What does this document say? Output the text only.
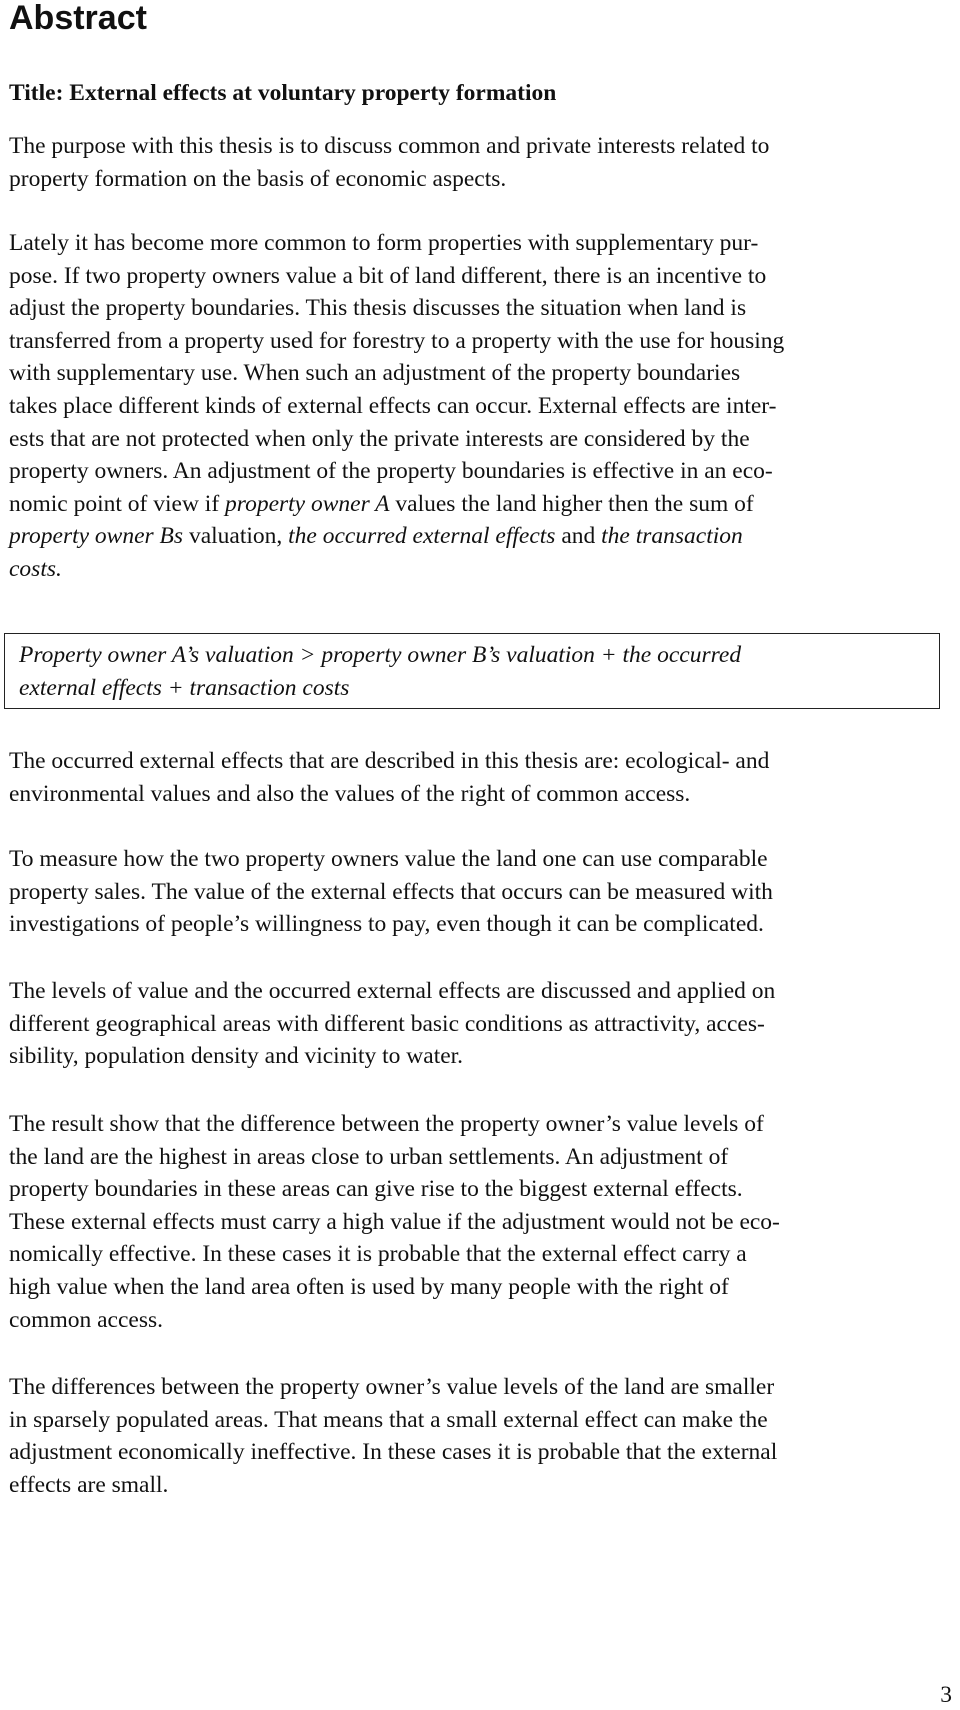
Abstract

Title: External effects at voluntary property formation

The purpose with this thesis is to discuss common and private interests related to
property formation on the basis of economic aspects.

Lately it has become more common to form properties with supplementary pur-
pose. If two property owners value a bit of land different, there is an incentive to
adjust the property boundaries. This thesis discusses the situation when land is
transferred from a property used for forestry to a property with the use for housing
with supplementary use. When such an adjustment of the property boundaries
takes place different kinds of external effects can occur. External effects are inter-
ests that are not protected when only the private interests are considered by the
property owners. An adjustment of the property boundaries is effective in an eco-
nomic point of view if property owner A values the land higher then the sum of
property owner Bs valuation, the occurred external effects and the transaction
costs.

Property owner A’s valuation > property owner B’s valuation + the occurred
external effects + transaction costs

The occurred external effects that are described in this thesis are: ecological- and
environmental values and also the values of the right of common access.

To measure how the two property owners value the land one can use comparable
property sales. The value of the external effects that occurs can be measured with
investigations of people’s willingness to pay, even though it can be complicated.

The levels of value and the occurred external effects are discussed and applied on
different geographical areas with different basic conditions as attractivity, acces-
sibility, population density and vicinity to water.

The result show that the difference between the property owner’s value levels of
the land are the highest in areas close to urban settlements. An adjustment of
property boundaries in these areas can give rise to the biggest external effects.
These external effects must carry a high value if the adjustment would not be eco-
nomically effective. In these cases it is probable that the external effect carry a
high value when the land area often is used by many people with the right of
common access.

The differences between the property owner’s value levels of the land are smaller
in sparsely populated areas. That means that a small external effect can make the
adjustment economically ineffective. In these cases it is probable that the external
effects are small.

3
